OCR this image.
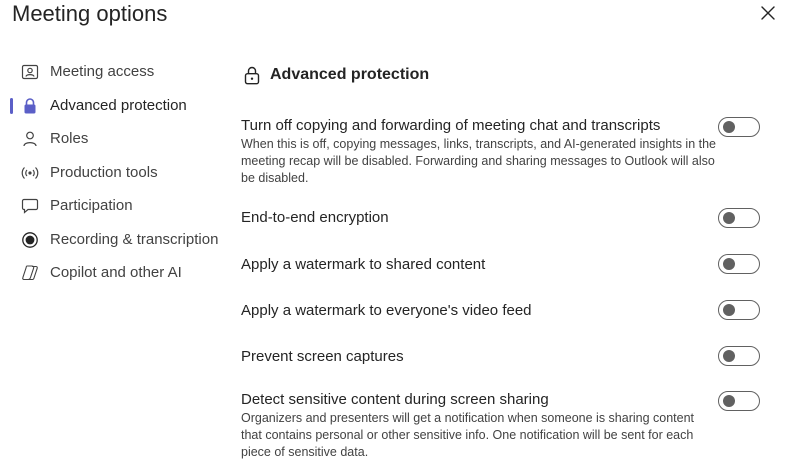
Meeting options
Meeting access
Advanced protection
Roles
Production tools
Participation
Recording & transcription
Copilot and other AI
Advanced protection
Turn off copying and forwarding of meeting chat and transcripts
When this is off, copying messages, links, transcripts, and AI-generated insights in the meeting recap will be disabled. Forwarding and sharing messages to Outlook will also be disabled.
End-to-end encryption
Apply a watermark to shared content
Apply a watermark to everyone's video feed
Prevent screen captures
Detect sensitive content during screen sharing
Organizers and presenters will get a notification when someone is sharing content that contains personal or other sensitive info. One notification will be sent for each piece of sensitive data.
